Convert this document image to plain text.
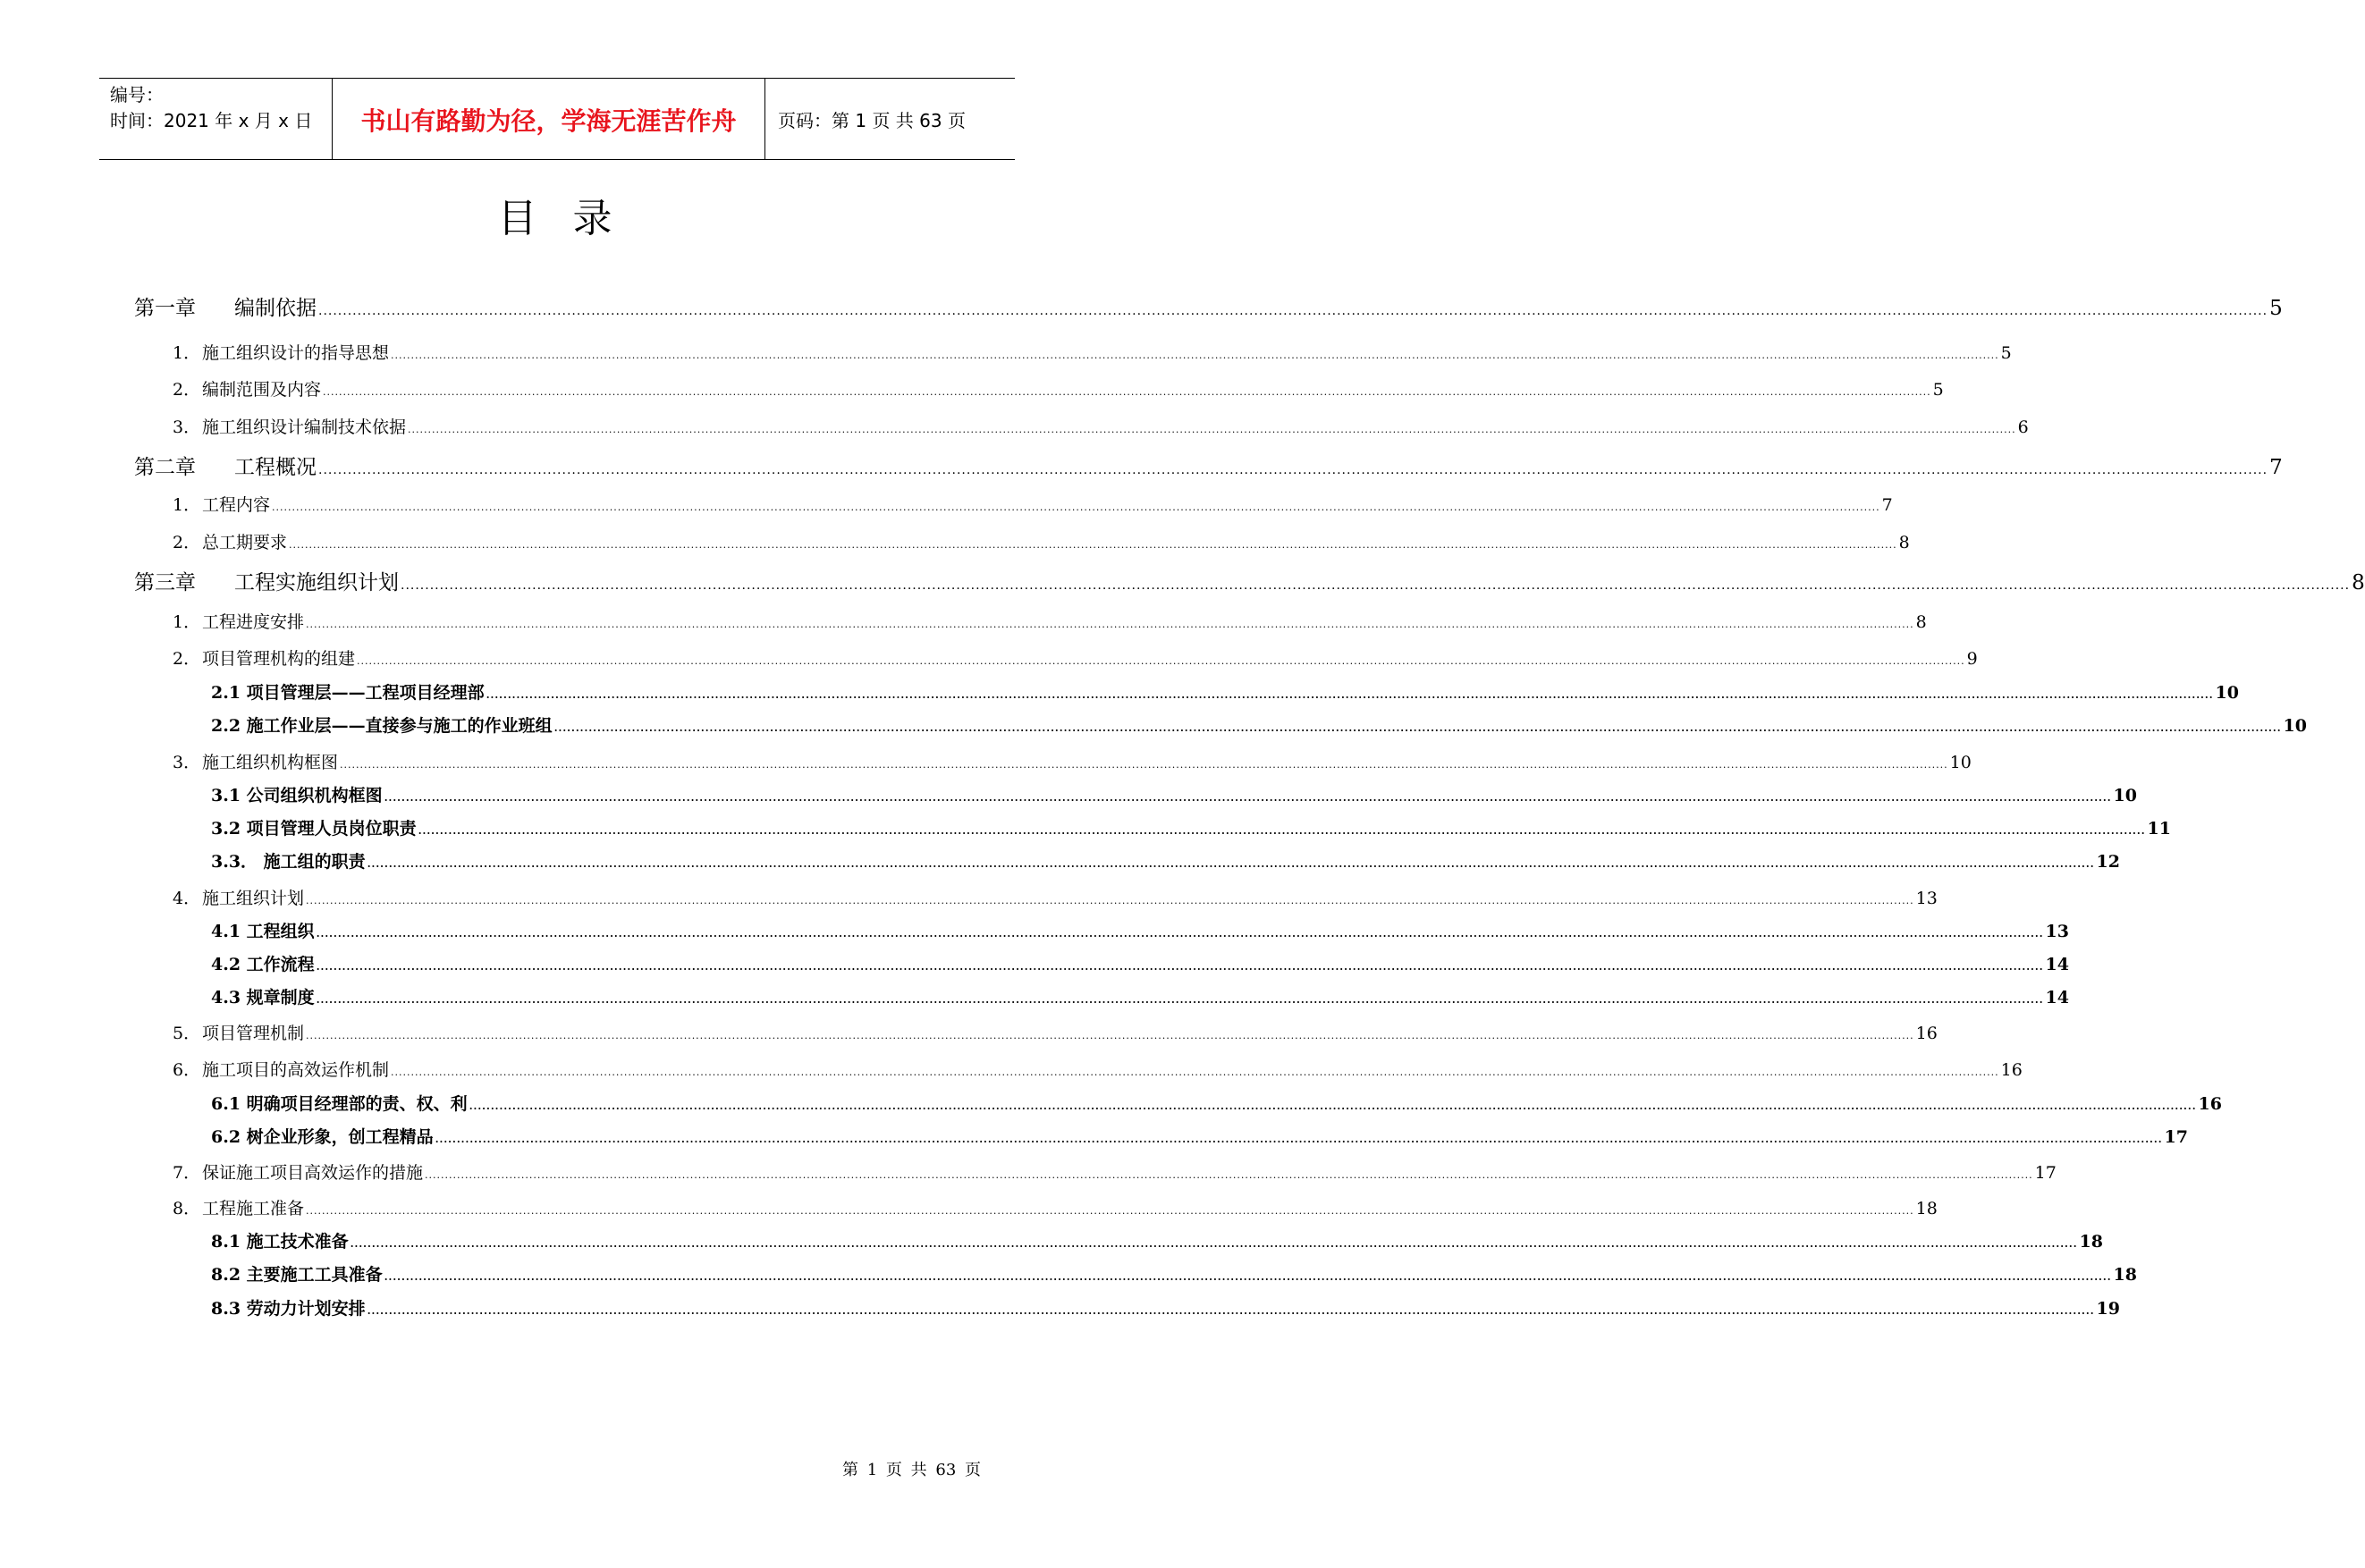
编号：
时间：2021 年 x 月 x 日	书山有路勤为径，学海无涯苦作舟	页码：第 1 页 共 63 页
目录
第一章 编制依据 ................................................................................................................................................................................................................................................................................................................................................................................................................ 5
1． 施工组织设计的指导思想 ................................................................................................................................................................................................................................................................................................................................................................................................................ 5
2． 编制范围及内容 ................................................................................................................................................................................................................................................................................................................................................................................................................ 5
3． 施工组织设计编制技术依据 ................................................................................................................................................................................................................................................................................................................................................................................................................ 6
第二章 工程概况 ................................................................................................................................................................................................................................................................................................................................................................................................................ 7
1． 工程内容 ................................................................................................................................................................................................................................................................................................................................................................................................................ 7
2． 总工期要求 ................................................................................................................................................................................................................................................................................................................................................................................................................ 8
第三章 工程实施组织计划 ................................................................................................................................................................................................................................................................................................................................................................................................................ 8
1． 工程进度安排 ................................................................................................................................................................................................................................................................................................................................................................................................................ 8
2． 项目管理机构的组建 ................................................................................................................................................................................................................................................................................................................................................................................................................ 9
2.1 项目管理层——工程项目经理部 ................................................................................................................................................................................................................................................................................................................................................................................................................ 10
2.2 施工作业层——直接参与施工的作业班组 ................................................................................................................................................................................................................................................................................................................................................................................................................ 10
3． 施工组织机构框图 ................................................................................................................................................................................................................................................................................................................................................................................................................ 10
3.1 公司组织机构框图 ................................................................................................................................................................................................................................................................................................................................................................................................................ 10
3.2 项目管理人员岗位职责 ................................................................................................................................................................................................................................................................................................................................................................................................................ 11
3.3． 施工组的职责 ................................................................................................................................................................................................................................................................................................................................................................................................................ 12
4． 施工组织计划 ................................................................................................................................................................................................................................................................................................................................................................................................................ 13
4.1 工程组织 ................................................................................................................................................................................................................................................................................................................................................................................................................ 13
4.2 工作流程 ................................................................................................................................................................................................................................................................................................................................................................................................................ 14
4.3 规章制度 ................................................................................................................................................................................................................................................................................................................................................................................................................ 14
5． 项目管理机制 ................................................................................................................................................................................................................................................................................................................................................................................................................ 16
6． 施工项目的高效运作机制 ................................................................................................................................................................................................................................................................................................................................................................................................................ 16
6.1 明确项目经理部的责、权、利 ................................................................................................................................................................................................................................................................................................................................................................................................................ 16
6.2 树企业形象，创工程精品 ................................................................................................................................................................................................................................................................................................................................................................................................................ 17
7． 保证施工项目高效运作的措施 ................................................................................................................................................................................................................................................................................................................................................................................................................ 17
8． 工程施工准备 ................................................................................................................................................................................................................................................................................................................................................................................................................ 18
8.1 施工技术准备 ................................................................................................................................................................................................................................................................................................................................................................................................................ 18
8.2 主要施工工具准备 ................................................................................................................................................................................................................................................................................................................................................................................................................ 18
8.3 劳动力计划安排 ................................................................................................................................................................................................................................................................................................................................................................................................................ 19
第 1 页 共 63 页
